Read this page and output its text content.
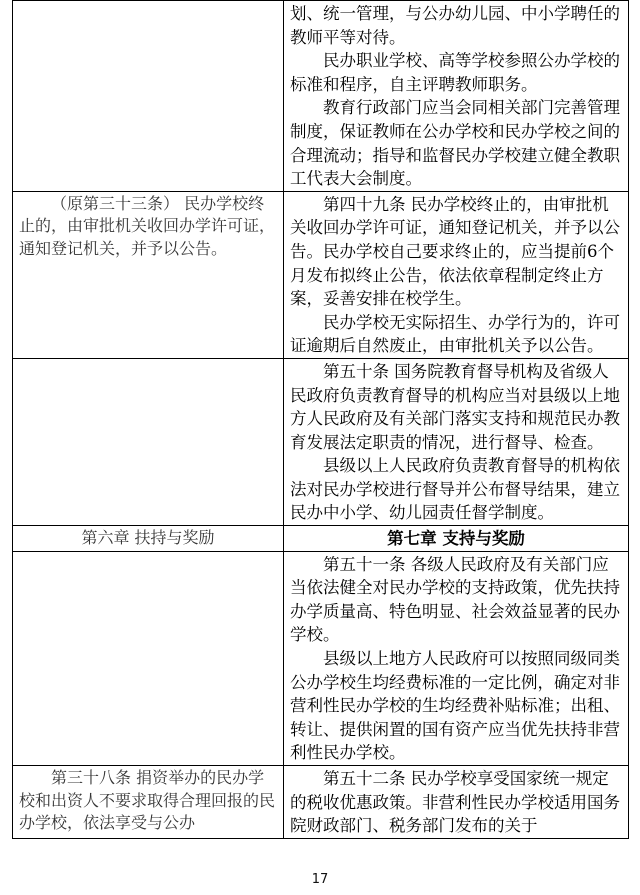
	划、统一管理，与公办幼儿园、中小学聘任的教师平等对待。

民办职业学校、高等学校参照公办学校的标准和程序，自主评聘教师职务。

教育行政部门应当会同相关部门完善管理制度，保证教师在公办学校和民办学校之间的合理流动；指导和监督民办学校建立健全教职工代表大会制度。

（原第三十三条） 民办学校终止的，由审批机关收回办学许可证，通知登记机关，并予以公告。	第四十九条 民办学校终止的，由审批机关收回办学许可证，通知登记机关，并予以公告。民办学校自己要求终止的，应当提前6个月发布拟终止公告，依法依章程制定终止方案，妥善安排在校学生。

民办学校无实际招生、办学行为的，许可证逾期后自然废止，由审批机关予以公告。

	第五十条 国务院教育督导机构及省级人民政府负责教育督导的机构应当对县级以上地方人民政府及有关部门落实支持和规范民办教育发展法定职责的情况，进行督导、检查。

县级以上人民政府负责教育督导的机构依法对民办学校进行督导并公布督导结果，建立民办中小学、幼儿园责任督学制度。

第六章 扶持与奖励	第七章 支持与奖励

	第五十一条 各级人民政府及有关部门应当依法健全对民办学校的支持政策，优先扶持办学质量高、特色明显、社会效益显著的民办学校。

县级以上地方人民政府可以按照同级同类公办学校生均经费标准的一定比例，确定对非营利性民办学校的生均经费补贴标准；出租、转让、提供闲置的国有资产应当优先扶持非营利性民办学校。

第三十八条 捐资举办的民办学校和出资人不要求取得合理回报的民办学校，依法享受与公办	第五十二条 民办学校享受国家统一规定的税收优惠政策。非营利性民办学校适用国务院财政部门、税务部门发布的关于

17
